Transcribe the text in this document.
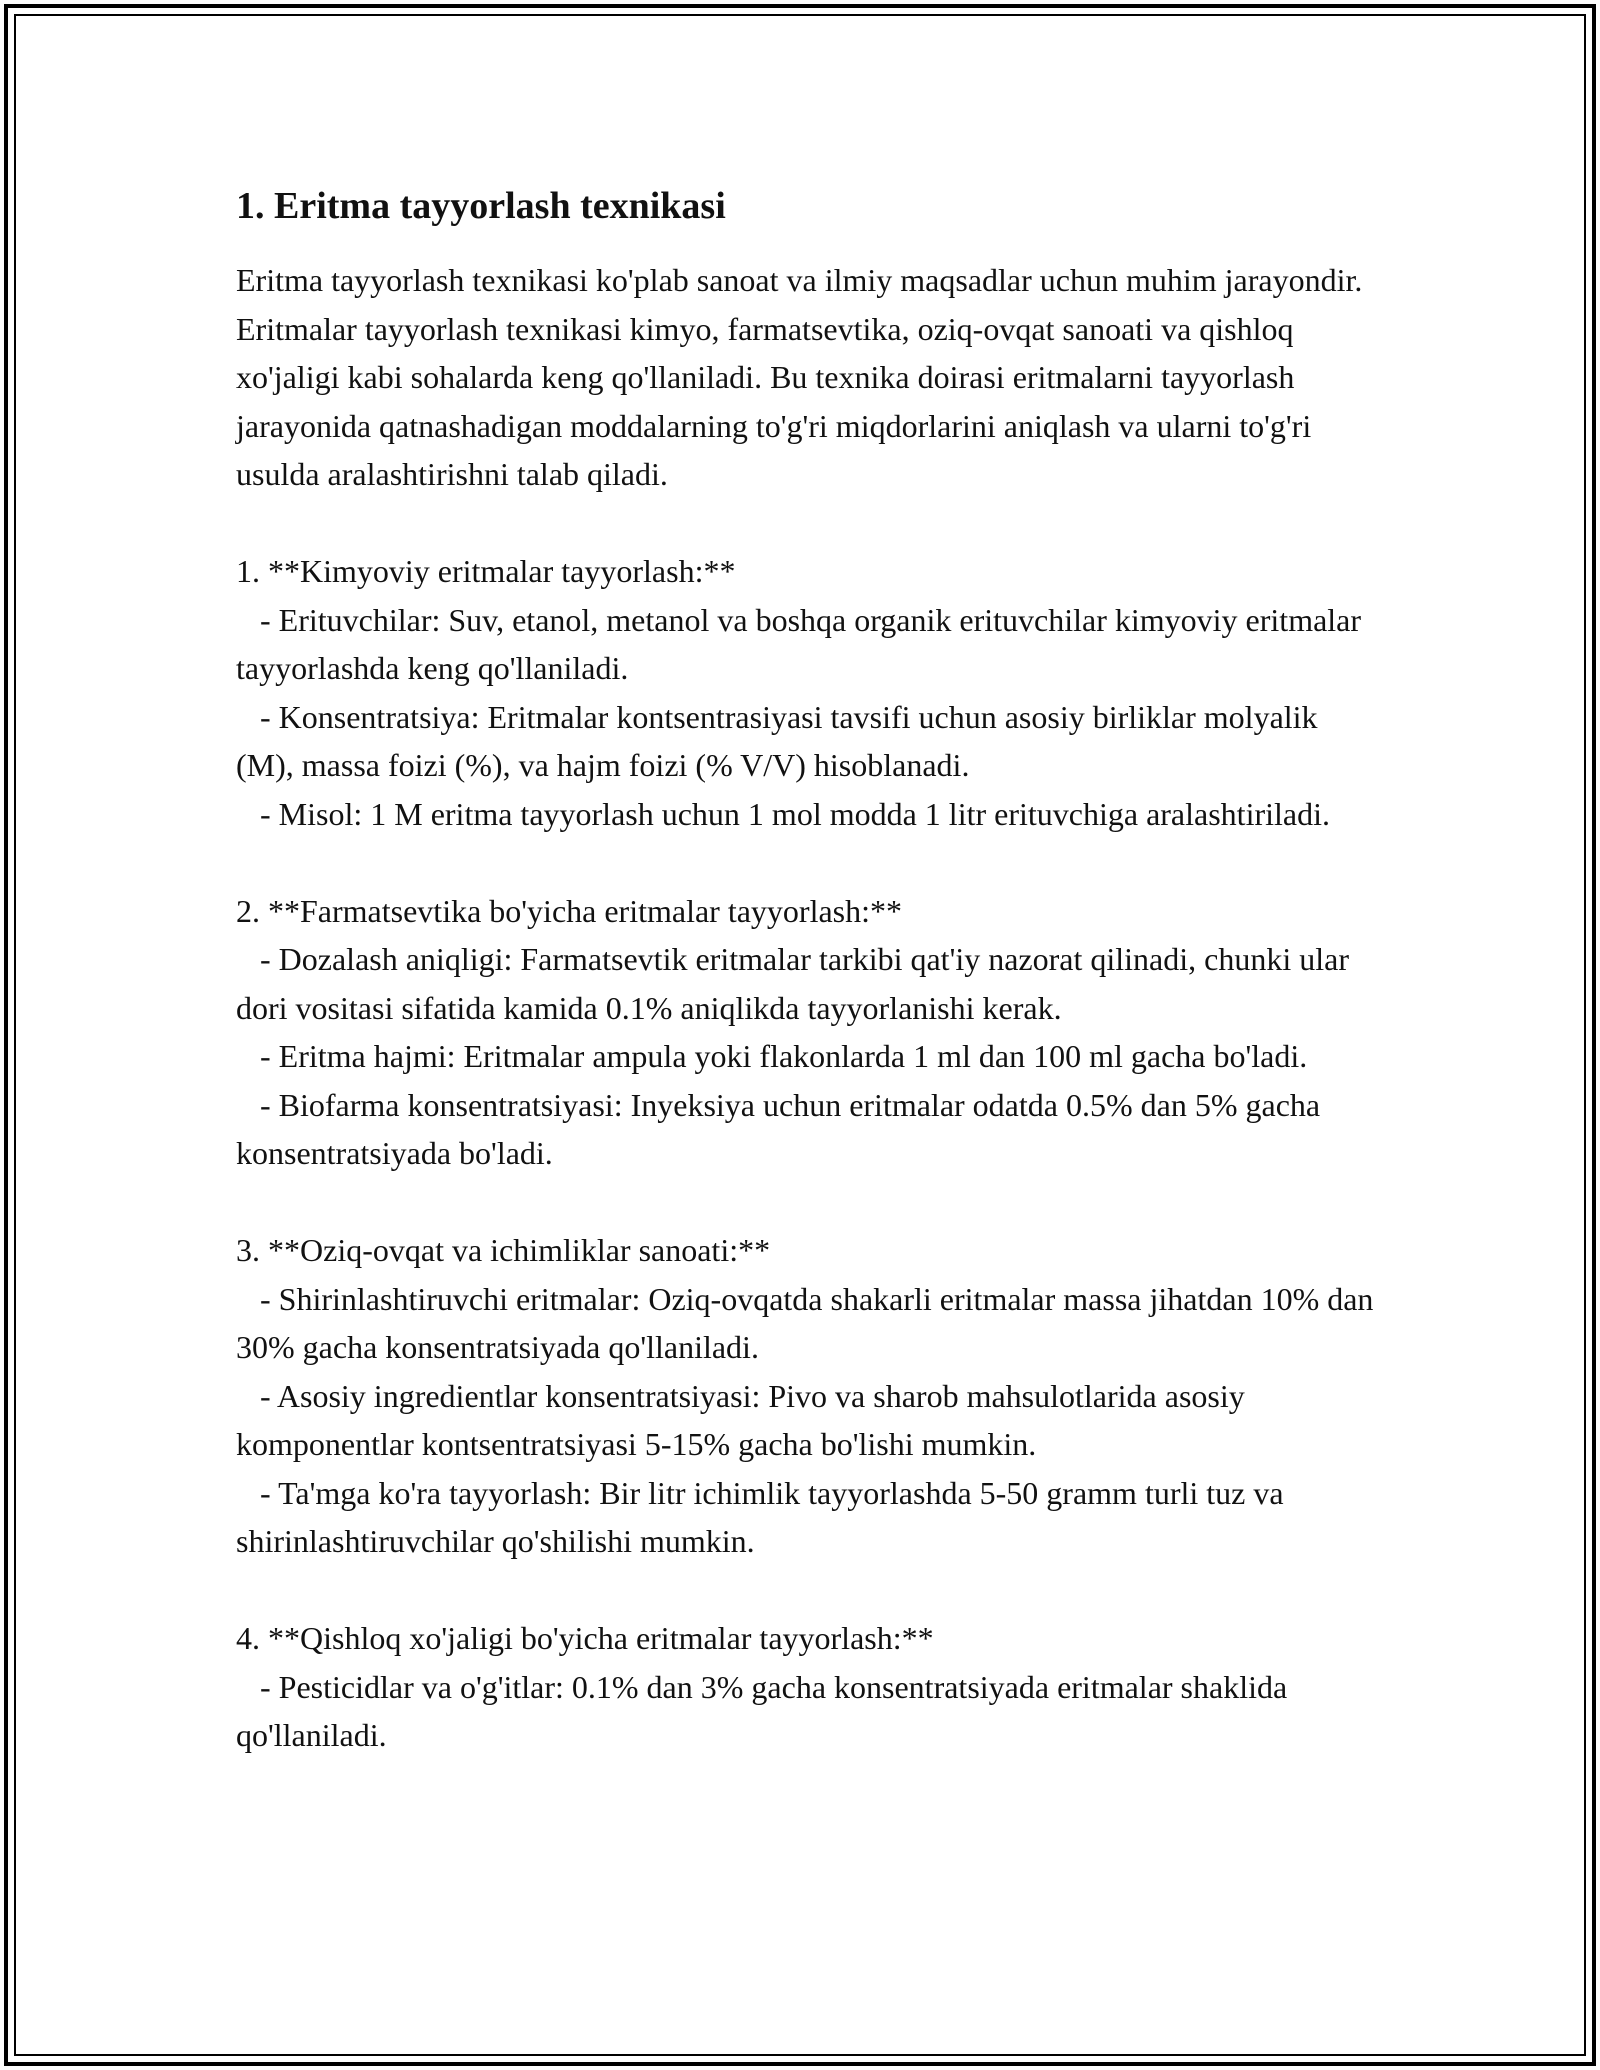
1. Eritma tayyorlash texnikasi

Eritma tayyorlash texnikasi ko'plab sanoat va ilmiy maqsadlar uchun muhim jarayondir. Eritmalar tayyorlash texnikasi kimyo, farmatsevtika, oziq-ovqat sanoati va qishloq xo'jaligi kabi sohalarda keng qo'llaniladi. Bu texnika doirasi eritmalarni tayyorlash jarayonida qatnashadigan moddalarning to'g'ri miqdorlarini aniqlash va ularni to'g'ri usulda aralashtirishni talab qiladi.

1. **Kimyoviy eritmalar tayyorlash:**

- Erituvchilar: Suv, etanol, metanol va boshqa organik erituvchilar kimyoviy eritmalar tayyorlashda keng qo'llaniladi.

- Konsentratsiya: Eritmalar kontsentrasiyasi tavsifi uchun asosiy birliklar molyalik (M), massa foizi (%), va hajm foizi (% V/V) hisoblanadi.

- Misol: 1 M eritma tayyorlash uchun 1 mol modda 1 litr erituvchiga aralashtiriladi.

2. **Farmatsevtika bo'yicha eritmalar tayyorlash:**

- Dozalash aniqligi: Farmatsevtik eritmalar tarkibi qat'iy nazorat qilinadi, chunki ular dori vositasi sifatida kamida 0.1% aniqlikda tayyorlanishi kerak.

- Eritma hajmi: Eritmalar ampula yoki flakonlarda 1 ml dan 100 ml gacha bo'ladi.

- Biofarma konsentratsiyasi: Inyeksiya uchun eritmalar odatda 0.5% dan 5% gacha konsentratsiyada bo'ladi.

3. **Oziq-ovqat va ichimliklar sanoati:**

- Shirinlashtiruvchi eritmalar: Oziq-ovqatda shakarli eritmalar massa jihatdan 10% dan 30% gacha konsentratsiyada qo'llaniladi.

- Asosiy ingredientlar konsentratsiyasi: Pivo va sharob mahsulotlarida asosiy komponentlar kontsentratsiyasi 5-15% gacha bo'lishi mumkin.

- Ta'mga ko'ra tayyorlash: Bir litr ichimlik tayyorlashda 5-50 gramm turli tuz va shirinlashtiruvchilar qo'shilishi mumkin.

4. **Qishloq xo'jaligi bo'yicha eritmalar tayyorlash:**

- Pesticidlar va o'g'itlar: 0.1% dan 3% gacha konsentratsiyada eritmalar shaklida qo'llaniladi.
